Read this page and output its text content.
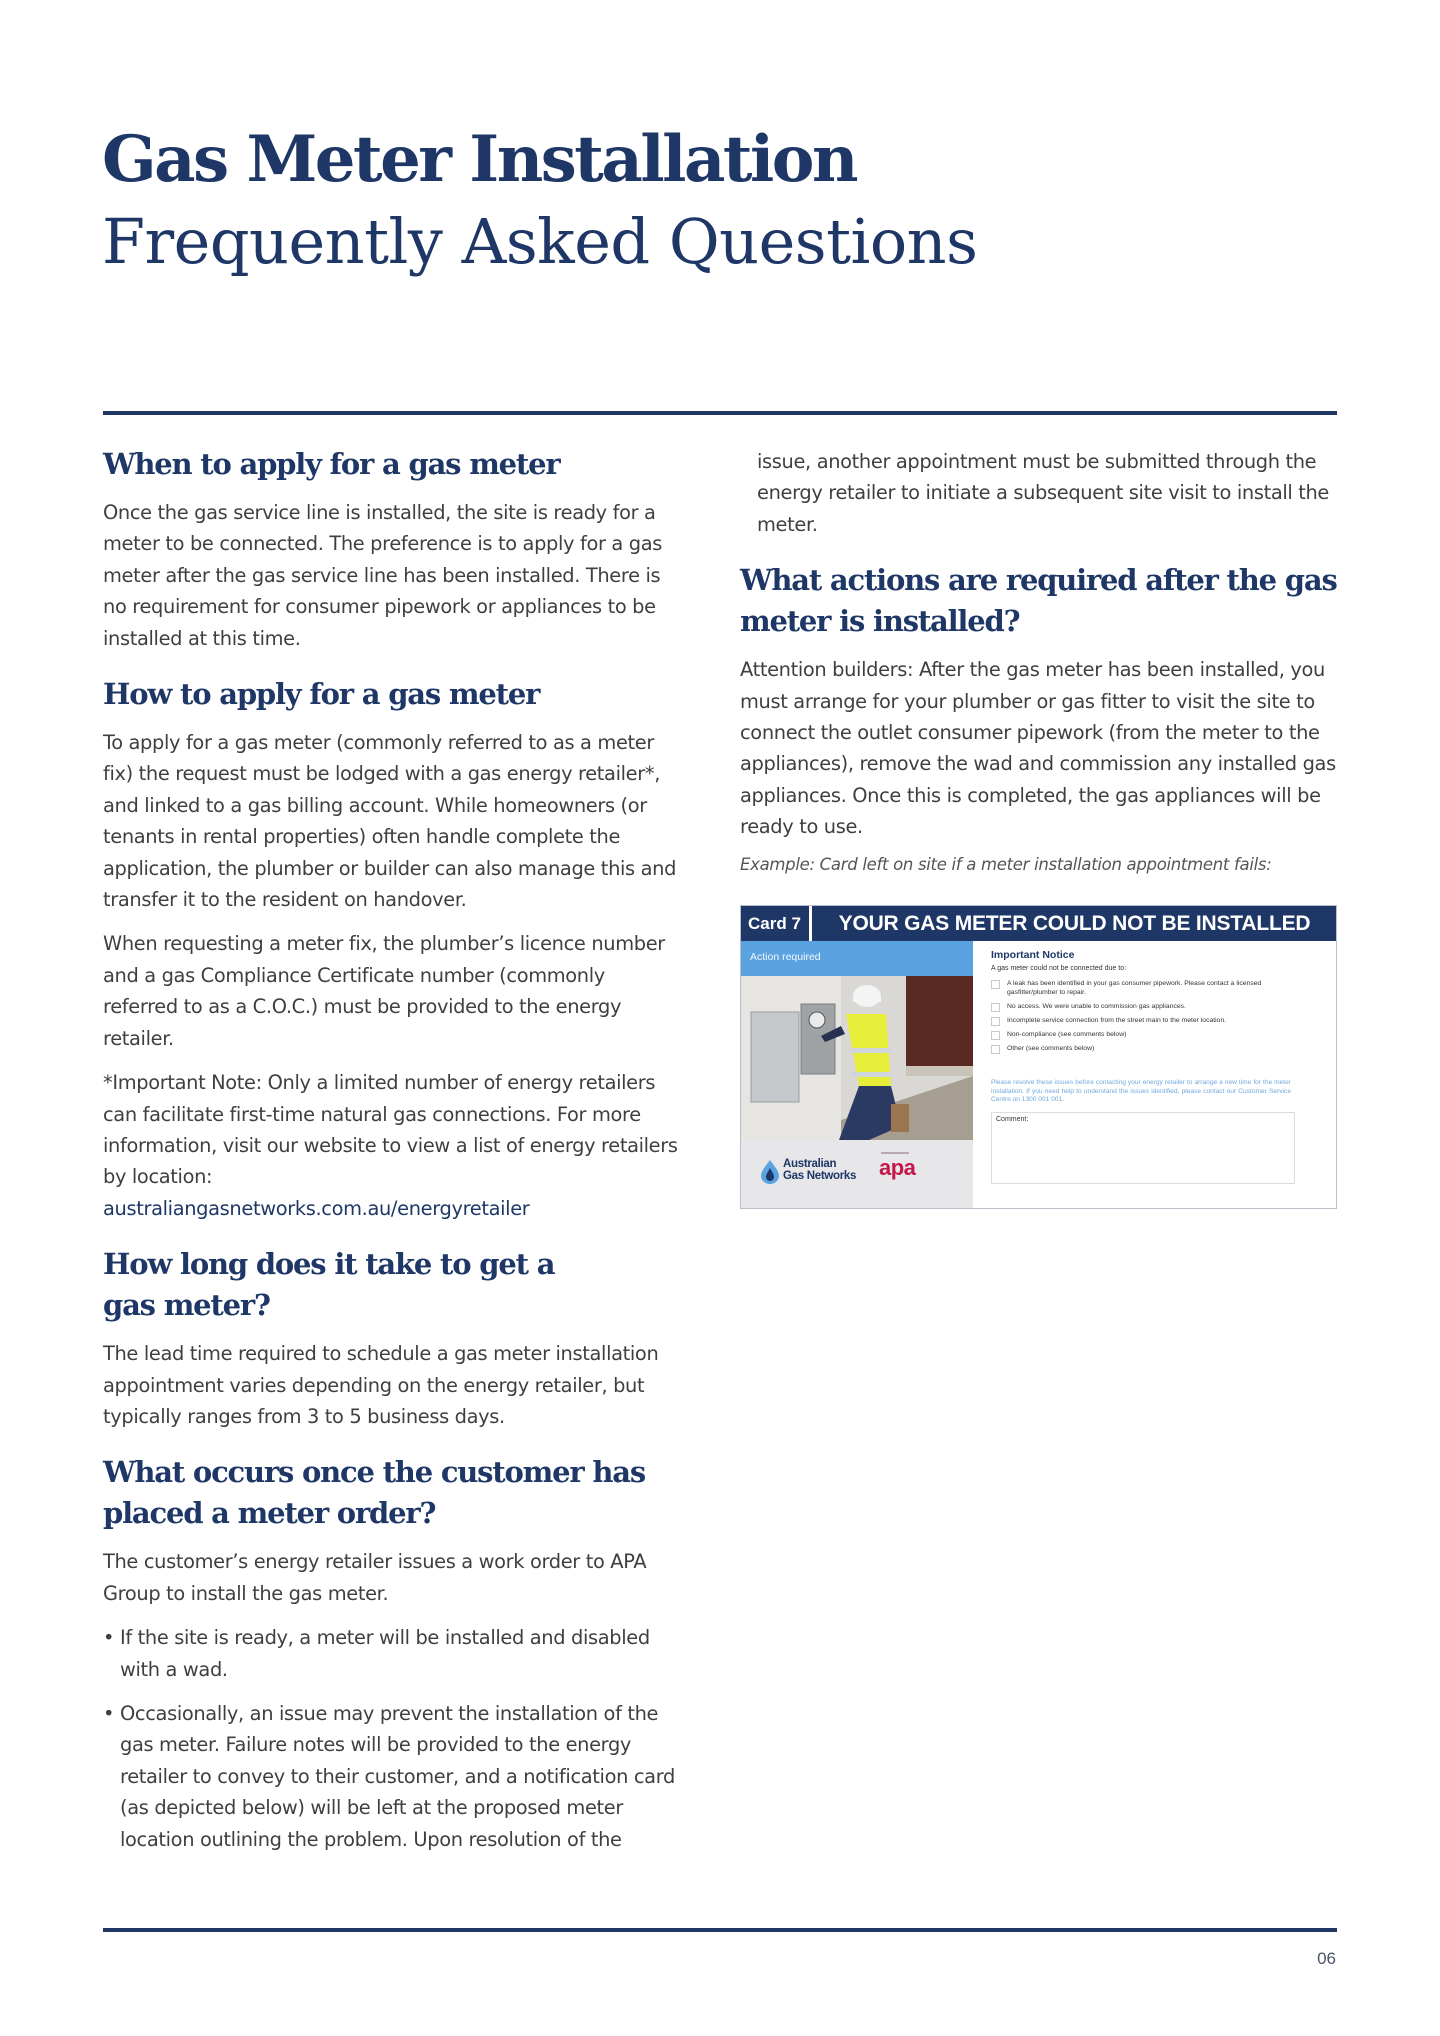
Gas Meter Installation
Frequently Asked Questions
When to apply for a gas meter

Once the gas service line is installed, the site is ready for a meter to be connected. The preference is to apply for a gas meter after the gas service line has been installed. There is no requirement for consumer pipework or appliances to be installed at this time.

How to apply for a gas meter

To apply for a gas meter (commonly referred to as a meter fix) the request must be lodged with a gas energy retailer*, and linked to a gas billing account. While homeowners (or tenants in rental properties) often handle complete the application, the plumber or builder can also manage this and transfer it to the resident on handover.

When requesting a meter fix, the plumber’s licence number and a gas Compliance Certificate number (commonly referred to as a C.O.C.) must be provided to the energy retailer.

*Important Note: Only a limited number of energy retailers can facilitate first-time natural gas connections. For more information, visit our website to view a list of energy retailers by location:

australiangasnetworks.com.au/energyretailer

How long does it take to get a
gas meter?

The lead time required to schedule a gas meter installation appointment varies depending on the energy retailer, but typically ranges from 3 to 5 business days.

What occurs once the customer has
placed a meter order?

The customer’s energy retailer issues a work order to APA Group to install the gas meter.

• If the site is ready, a meter will be installed and disabled with a wad.
• Occasionally, an issue may prevent the installation of the gas meter. Failure notes will be provided to the energy retailer to convey to their customer, and a notification card (as depicted below) will be left at the proposed meter location outlining the problem. Upon resolution of the

issue, another appointment must be submitted through the energy retailer to initiate a subsequent site visit to install the meter.

What actions are required after the gas
meter is installed?

Attention builders: After the gas meter has been installed, you must arrange for your plumber or gas fitter to visit the site to connect the outlet consumer pipework (from the meter to the appliances), remove the wad and commission any installed gas appliances. Once this is completed, the gas appliances will be ready to use.

Example: Card left on site if a meter installation appointment fails:

Card 7	YOUR GAS METER COULD NOT BE INSTALLED
Action required
Australian
Gas Networks apa
Important Notice
A gas meter could not be connected due to:
A leak has been identified in your gas consumer pipework. Please contact a licensed gasfitter/plumber to repair.
No access. We were unable to commission gas appliances.
Incomplete service connection from the street main to the meter location.
Non-compliance (see comments below)
Other (see comments below)
Please resolve these issues before contacting your energy retailer to arrange a new time for the meter installation. If you need help to understand the issues identified, please contact our Customer Service Centre on 1300 001 001.
Comment:
06
